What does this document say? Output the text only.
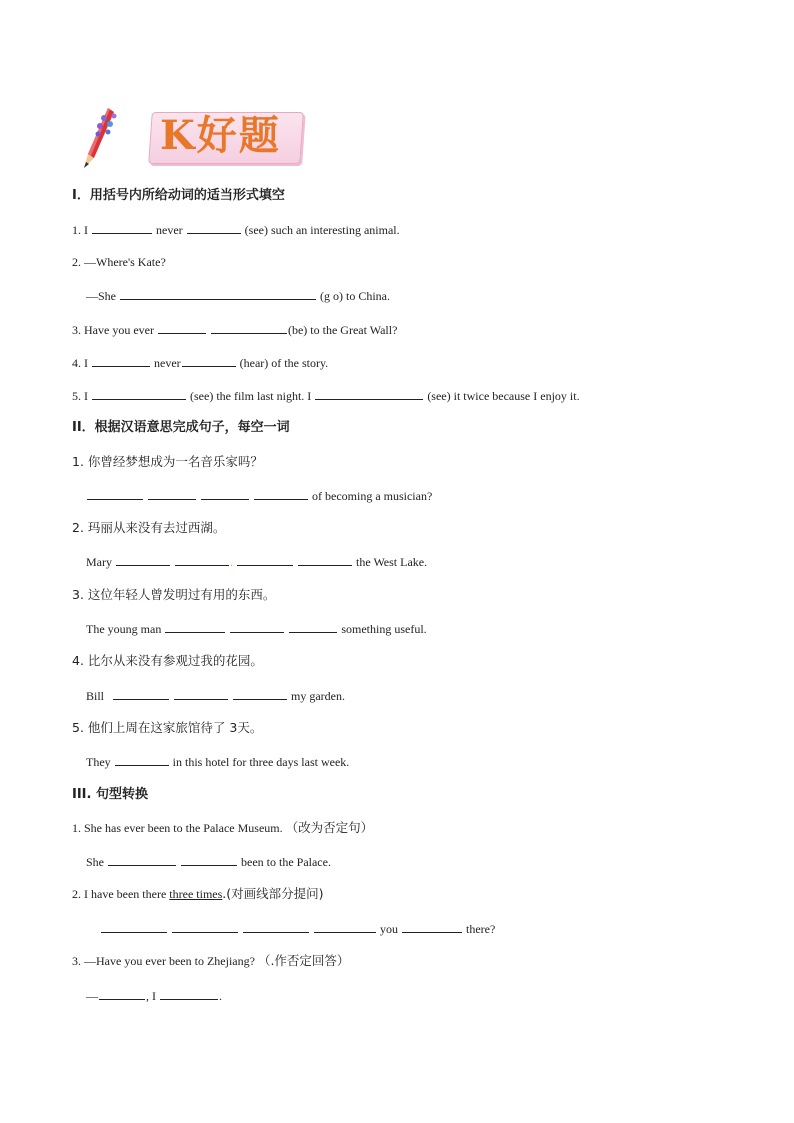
K好题
I．用括号内所给动词的适当形式填空
1. I	never	(see) such an interesting animal.
2. —Where's Kate?
—She	(g o) to China.
3. Have you ever	(be) to the Great Wall?
4. I	never	(hear) of the story.
5. I	(see) the film last night. I	(see) it twice because I enjoy it.
II．根据汉语意思完成句子，每空一词
1. 你曾经梦想成为一名音乐家吗？
of becoming a musician?
2. 玛丽从来没有去过西湖。
Mary	.	the West Lake.
3. 这位年轻人曾发明过有用的东西。
The young man	something useful.
4. 比尔从来没有参观过我的花园。
Bill	my garden.
5. 他们上周在这家旅馆待了 3天。
They	in this hotel for three days last week.
III. 句型转换
1. She has ever been to the Palace Museum. （改为否定句）
She	been to the Palace.
2. I have been there three times.(对画线部分提问)
you	there?
3. —Have you ever been to Zhejiang? （.作否定回答）
—	, I	.
